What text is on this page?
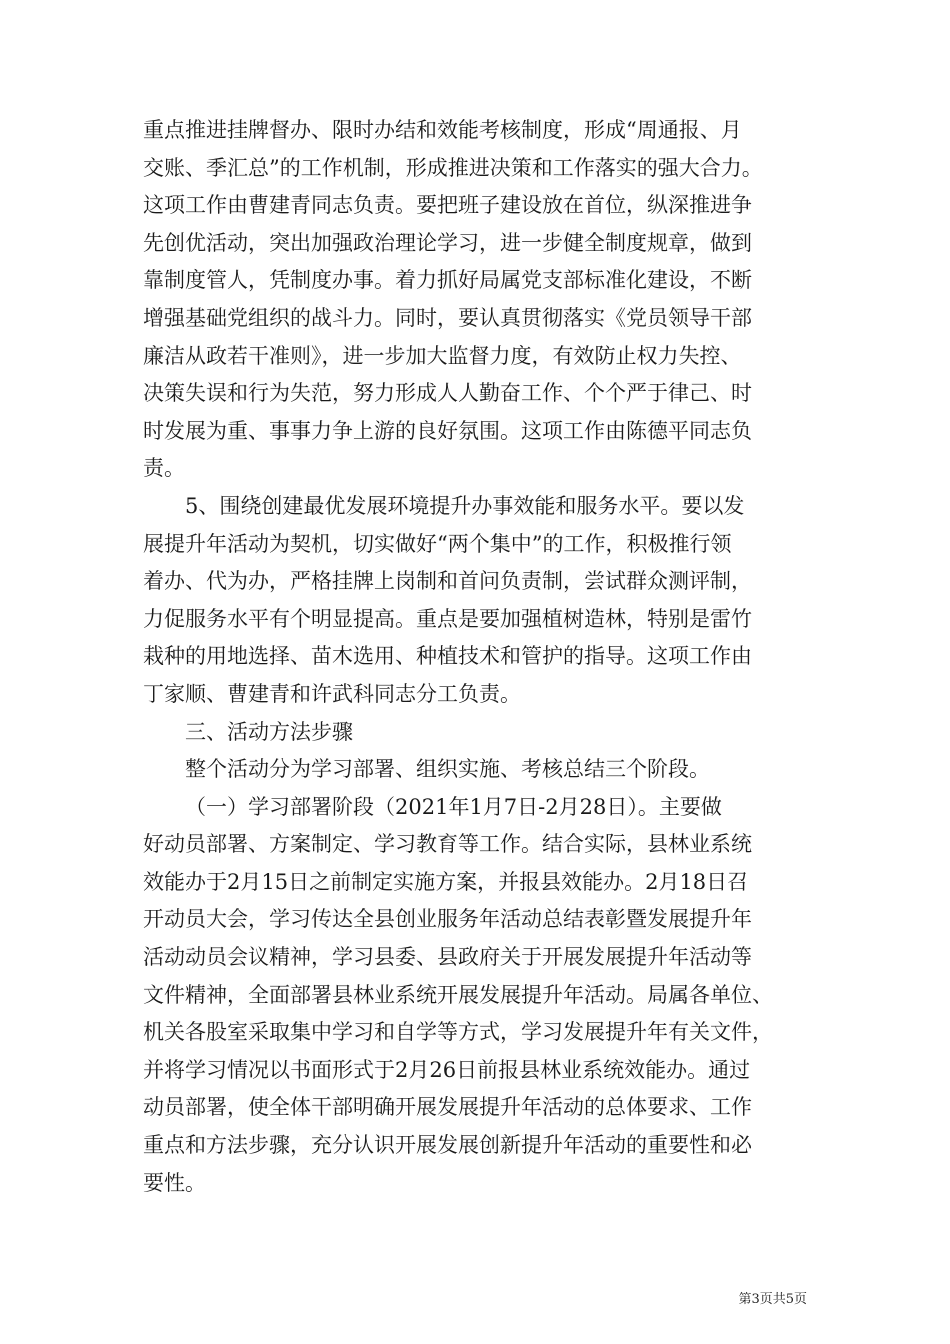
重点推进挂牌督办、限时办结和效能考核制度，形成“周通报、月
交账、季汇总”的工作机制，形成推进决策和工作落实的强大合力。
这项工作由曹建青同志负责。要把班子建设放在首位，纵深推进争
先创优活动，突出加强政治理论学习，进一步健全制度规章，做到
靠制度管人，凭制度办事。着力抓好局属党支部标准化建设，不断
增强基础党组织的战斗力。同时，要认真贯彻落实《党员领导干部
廉洁从政若干准则》，进一步加大监督力度，有效防止权力失控、
决策失误和行为失范，努力形成人人勤奋工作、个个严于律己、时
时发展为重、事事力争上游的良好氛围。这项工作由陈德平同志负
责。
5、围绕创建最优发展环境提升办事效能和服务水平。要以发
展提升年活动为契机，切实做好“两个集中”的工作，积极推行领
着办、代为办，严格挂牌上岗制和首问负责制，尝试群众测评制，
力促服务水平有个明显提高。重点是要加强植树造林，特别是雷竹
栽种的用地选择、苗木选用、种植技术和管护的指导。这项工作由
丁家顺、曹建青和许武科同志分工负责。
三、活动方法步骤
整个活动分为学习部署、组织实施、考核总结三个阶段。
（一）学习部署阶段（2021年1月7日-2月28日）。主要做
好动员部署、方案制定、学习教育等工作。结合实际，县林业系统
效能办于2月15日之前制定实施方案，并报县效能办。2月18日召
开动员大会，学习传达全县创业服务年活动总结表彰暨发展提升年
活动动员会议精神，学习县委、县政府关于开展发展提升年活动等
文件精神，全面部署县林业系统开展发展提升年活动。局属各单位、
机关各股室采取集中学习和自学等方式，学习发展提升年有关文件，
并将学习情况以书面形式于2月26日前报县林业系统效能办。通过
动员部署，使全体干部明确开展发展提升年活动的总体要求、工作
重点和方法步骤，充分认识开展发展创新提升年活动的重要性和必
要性。
第3页共5页
